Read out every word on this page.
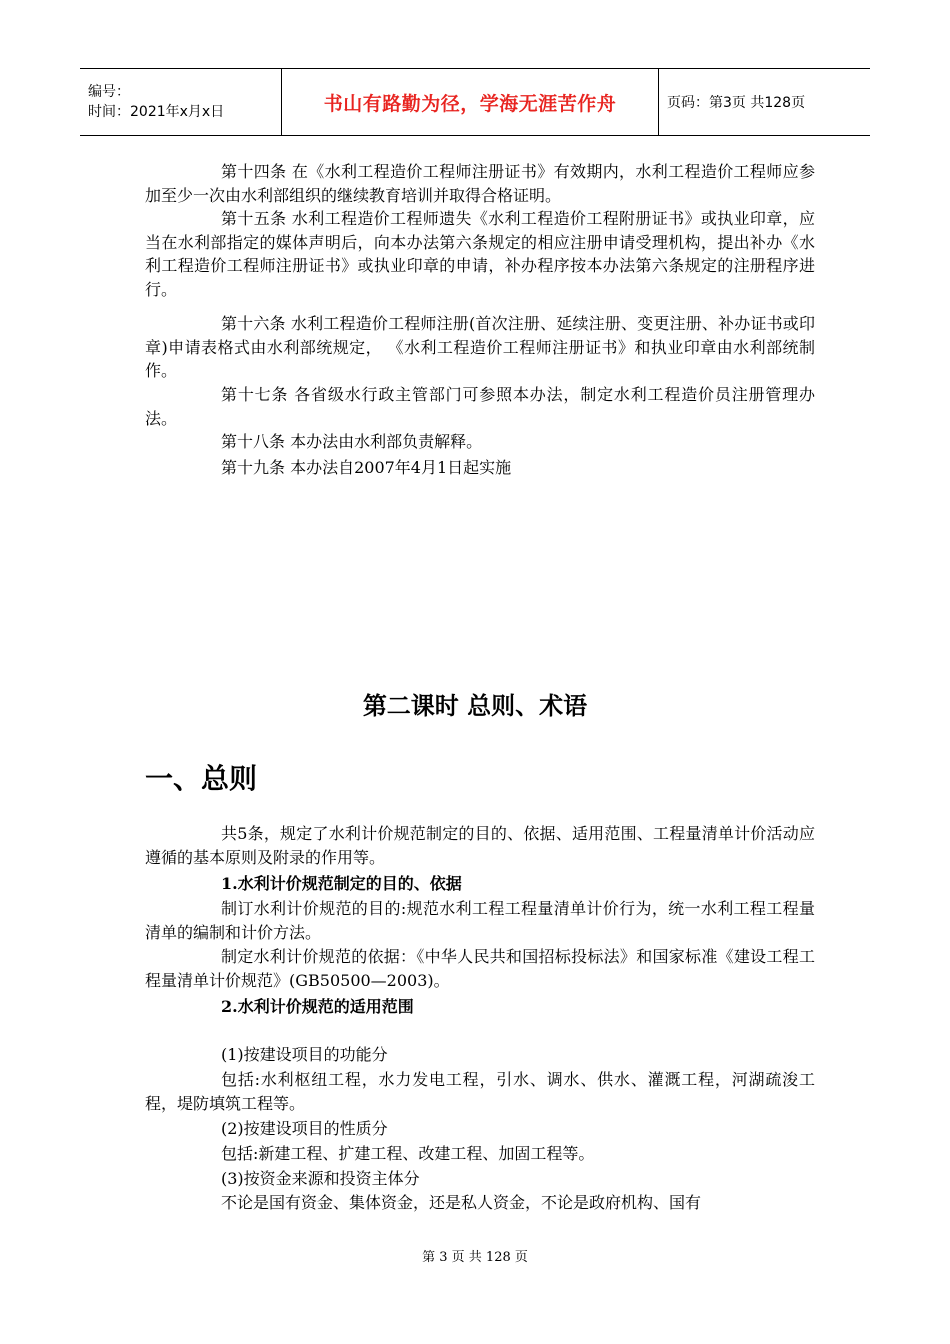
编号：
时间：2021年x月x日	书山有路勤为径，学海无涯苦作舟	页码：第3页 共128页

第十四条 在《水利工程造价工程师注册证书》有效期内，水利工程造价工程师应参加至少一次由水利部组织的继续教育培训并取得合格证明。

第十五条 水利工程造价工程师遗失《水利工程造价工程附册证书》或执业印章，应当在水利部指定的媒体声明后，向本办法第六条规定的相应注册申请受理机构，提出补办《水利工程造价工程师注册证书》或执业印章的申请，补办程序按本办法第六条规定的注册程序进行。

第十六条 水利工程造价工程师注册(首次注册、延续注册、变更注册、补办证书或印章)申请表格式由水利部统规定， 《水利工程造价工程师注册证书》和执业印章由水利部统制作。

第十七条 各省级水行政主管部门可参照本办法，制定水利工程造价员注册管理办法。

第十八条 本办法由水利部负责解释。

第十九条 本办法自2007年4月1日起实施

第二课时 总则、术语
一、总则

共5条，规定了水利计价规范制定的目的、依据、适用范围、工程量清单计价活动应遵循的基本原则及附录的作用等。

1.水利计价规范制定的目的、依据

制订水利计价规范的目的:规范水利工程工程量清单计价行为，统一水利工程工程量清单的编制和计价方法。

制定水利计价规范的依据：《中华人民共和国招标投标法》和国家标准《建设工程工程量清单计价规范》(GB50500—2003)。

2.水利计价规范的适用范围

(1)按建设项目的功能分

包括:水利枢纽工程，水力发电工程，引水、调水、供水、灌溉工程，河湖疏浚工程，堤防填筑工程等。

(2)按建设项目的性质分

包括:新建工程、扩建工程、改建工程、加固工程等。

(3)按资金来源和投资主体分

不论是国有资金、集体资金，还是私人资金，不论是政府机构、国有

第 3 页 共 128 页
